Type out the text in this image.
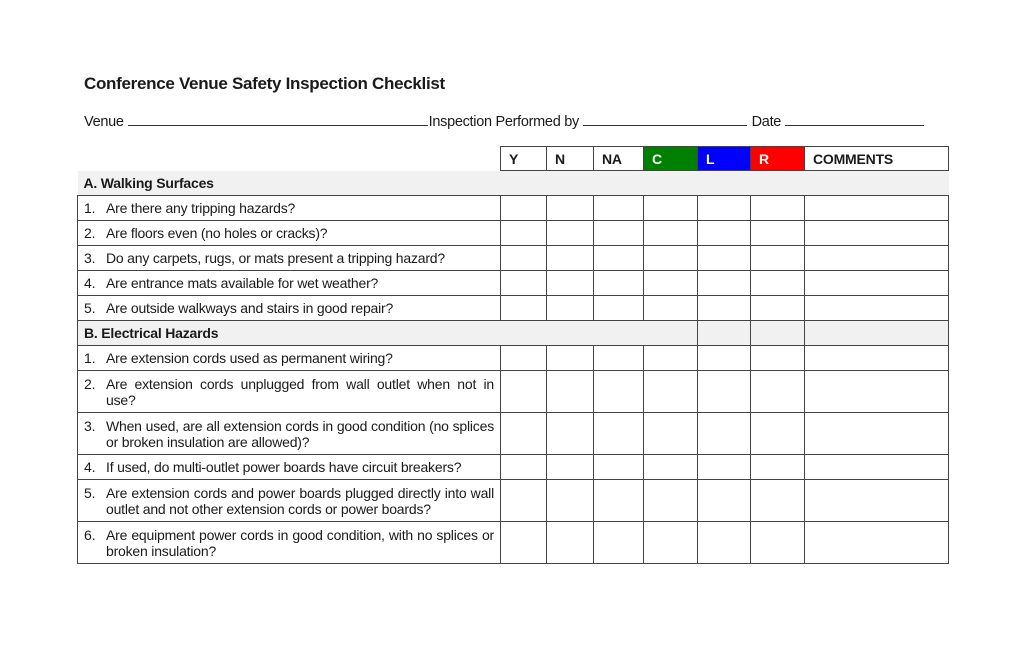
Conference Venue Safety Inspection Checklist
Venue	Inspection Performed by	Date
	Y	N	NA	C	L	R	COMMENTS
A. Walking Surfaces							

1. Are there any tripping hazards?							

2. Are floors even (no holes or cracks)?							

3. Do any carpets, rugs, or mats present a tripping hazard?							

4. Are entrance mats available for wet weather?							

5. Are outside walkways and stairs in good repair?							

B. Electrical Hazards							

1. Are extension cords used as permanent wiring?							

2. Are extension cords unplugged from wall outlet when not in use?							

3. When used, are all extension cords in good condition (no splices or broken insulation are allowed)?							

4. If used, do multi-outlet power boards have circuit breakers?							

5. Are extension cords and power boards plugged directly into wall outlet and not other extension cords or power boards?							

6. Are equipment power cords in good condition, with no splices or broken insulation?							
